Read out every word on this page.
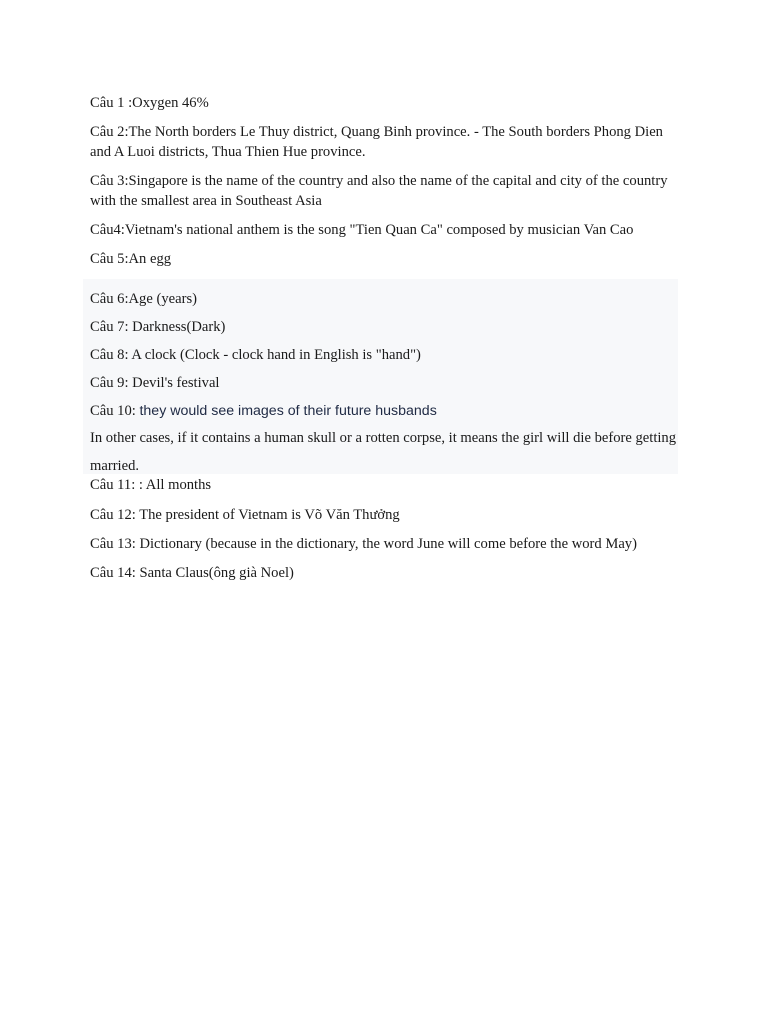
Câu 1 :Oxygen 46%

Câu 2:The North borders Le Thuy district, Quang Binh province. - The South borders Phong Dien and A Luoi districts, Thua Thien Hue province.

Câu 3:Singapore is the name of the country and also the name of the capital and city of the country with the smallest area in Southeast Asia

Câu4:Vietnam's national anthem is the song "Tien Quan Ca" composed by musician Van Cao

Câu 5:An egg

Câu 6:Age (years)

Câu 7: Darkness(Dark)

Câu 8: A clock (Clock - clock hand in English is "hand")

Câu 9: Devil's festival

Câu 10: they would see images of their future husbands

In other cases, if it contains a human skull or a rotten corpse, it means the girl will die before getting married.

Câu 11: : All months

Câu 12: The president of Vietnam is Võ Văn Thưởng

Câu 13: Dictionary (because in the dictionary, the word June will come before the word May)

Câu 14: Santa Claus(ông già Noel)
